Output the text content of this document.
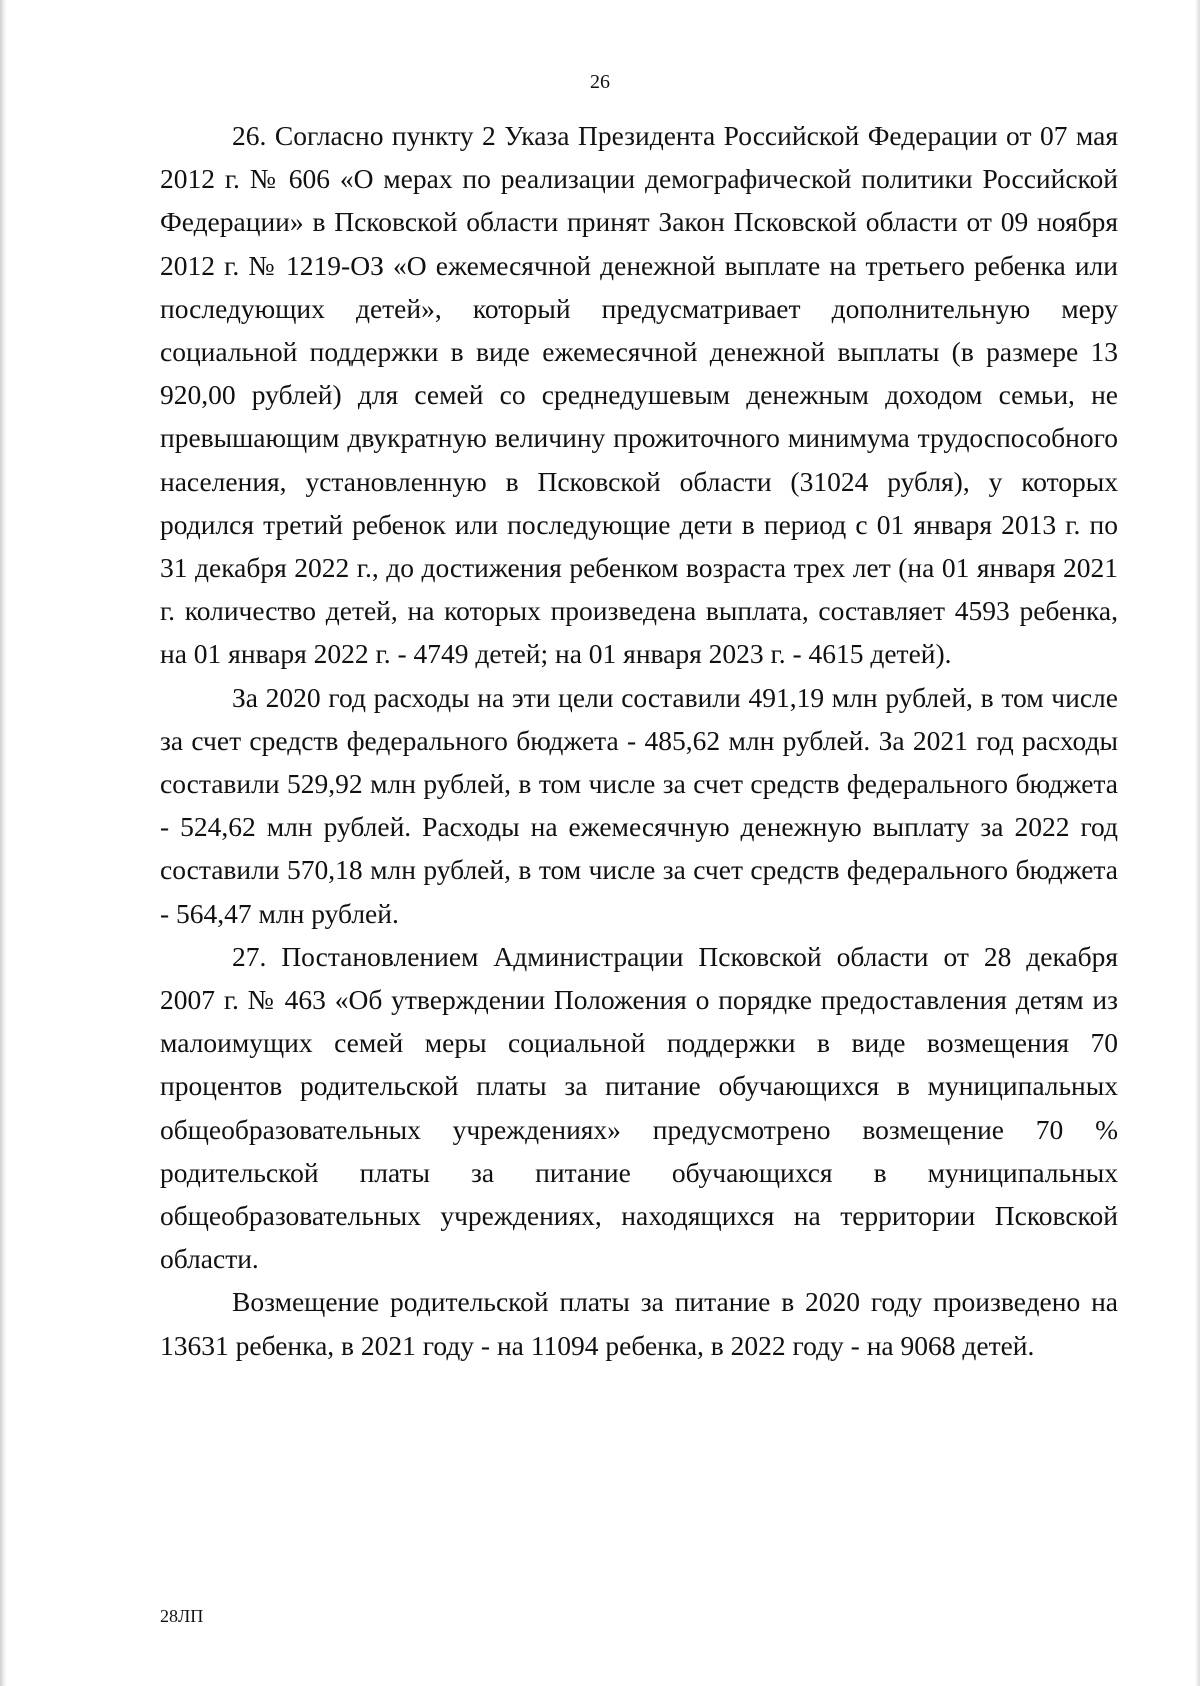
26

26. Согласно пункту 2 Указа Президента Российской Федерации от 07 мая 2012 г. № 606 «О мерах по реализации демографической политики Российской Федерации» в Псковской области принят Закон Псковской области от 09 ноября 2012 г. № 1219-ОЗ «О ежемесячной денежной выплате на третьего ребенка или последующих детей», который предусматривает дополнительную меру социальной поддержки в виде ежемесячной денежной выплаты (в размере 13 920,00 рублей) для семей со среднедушевым денежным доходом семьи, не превышающим двукратную величину прожиточного минимума трудоспособного населения, установленную в Псковской области (31024 рубля), у которых родился третий ребенок или последующие дети в период с 01 января 2013 г. по 31 декабря 2022 г., до достижения ребенком возраста трех лет (на 01 января 2021 г. количество детей, на которых произведена выплата, составляет 4593 ребенка, на 01 января 2022 г. - 4749 детей; на 01 января 2023 г. - 4615 детей).

За 2020 год расходы на эти цели составили 491,19 млн рублей, в том числе за счет средств федерального бюджета - 485,62 млн рублей. За 2021 год расходы составили 529,92 млн рублей, в том числе за счет средств федерального бюджета - 524,62 млн рублей. Расходы на ежемесячную денежную выплату за 2022 год составили 570,18 млн рублей, в том числе за счет средств федерального бюджета - 564,47 млн рублей.

27. Постановлением Администрации Псковской области от 28 декабря 2007 г. № 463 «Об утверждении Положения о порядке предоставления детям из малоимущих семей меры социальной поддержки в виде возмещения 70 процентов родительской платы за питание обучающихся в муниципальных общеобразовательных учреждениях» предусмотрено возмещение 70 % родительской платы за питание обучающихся в муниципальных общеобразовательных учреждениях, находящихся на территории Псковской области.

Возмещение родительской платы за питание в 2020 году произведено на 13631 ребенка, в 2021 году - на 11094 ребенка, в 2022 году - на 9068 детей.

28ЛП
